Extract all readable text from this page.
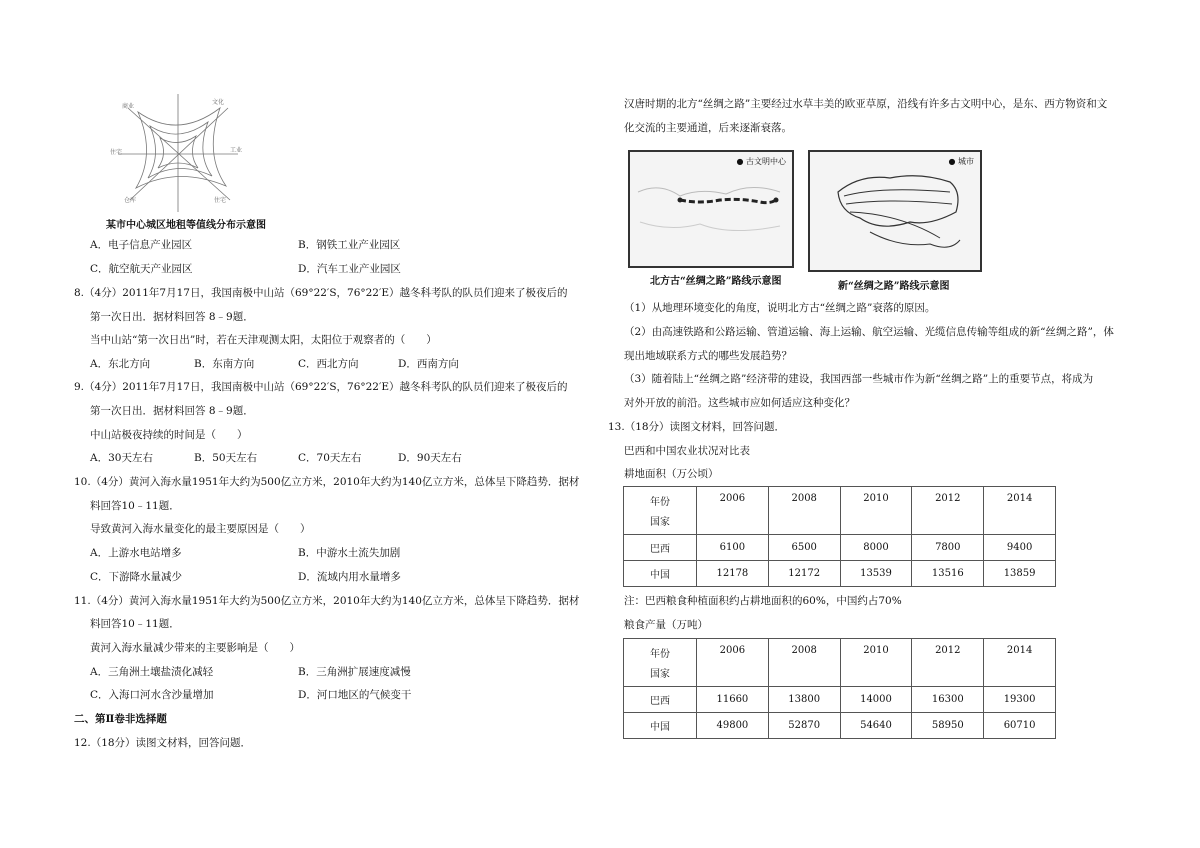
商业
文化
住宅	工业
仓库	住宅
某市中心城区地租等值线分布示意图
A．电子信息产业园区	B．钢铁工业产业园区
C．航空航天产业园区	D．汽车工业产业园区
8.（4分）2011年7月17日，我国南极中山站（69°22′S，76°22′E）越冬科考队的队员们迎来了极夜后的
第一次日出．据材料回答 8﹣9题．
当中山站“第一次日出”时，若在天津观测太阳，太阳位于观察者的（　　）
A．东北方向	B．东南方向	C．西北方向	D．西南方向
9.（4分）2011年7月17日，我国南极中山站（69°22′S，76°22′E）越冬科考队的队员们迎来了极夜后的
第一次日出．据材料回答 8﹣9题．
中山站极夜持续的时间是（　　）
A．30天左右	B．50天左右	C．70天左右	D．90天左右
10.（4分）黄河入海水量1951年大约为500亿立方米，2010年大约为140亿立方米，总体呈下降趋势．据材
料回答10﹣11题．
导致黄河入海水量变化的最主要原因是（　　）
A．上游水电站增多	B．中游水土流失加剧
C．下游降水量减少	D．流域内用水量增多
11.（4分）黄河入海水量1951年大约为500亿立方米，2010年大约为140亿立方米，总体呈下降趋势．据材
料回答10﹣11题．
黄河入海水量减少带来的主要影响是（　　）
A．三角洲土壤盐渍化减轻	B．三角洲扩展速度减慢
C．入海口河水含沙量增加	D．河口地区的气候变干
二、第Ⅱ卷非选择题
12.（18分）读图文材料，回答问题．
汉唐时期的北方“丝绸之路”主要经过水草丰美的欧亚草原，沿线有许多古文明中心，是东、西方物资和文
化交流的主要通道，后来逐渐衰落。
● 古文明中心	● 城市
北方古“丝绸之路”路线示意图	新“丝绸之路”路线示意图
（1）从地理环境变化的角度，说明北方古“丝绸之路”衰落的原因。
（2）由高速铁路和公路运输、管道运输、海上运输、航空运输、光缆信息传输等组成的新“丝绸之路”，体
现出地域联系方式的哪些发展趋势？
（3）随着陆上“丝绸之路”经济带的建设，我国西部一些城市作为新“丝绸之路”上的重要节点，将成为
对外开放的前沿。这些城市应如何适应这种变化？
13.（18分）读图文材料，回答问题．
巴西和中国农业状况对比表
耕地面积（万公顷）
年份
国家	2006	2008	2010	2012	2014
巴西	6100	6500	8000	7800	9400
中国	12178	12172	13539	13516	13859
注：巴西粮食种植面积约占耕地面积的60%，中国约占70%
粮食产量（万吨）
年份
国家	2006	2008	2010	2012	2014
巴西	11660	13800	14000	16300	19300
中国	49800	52870	54640	58950	60710
